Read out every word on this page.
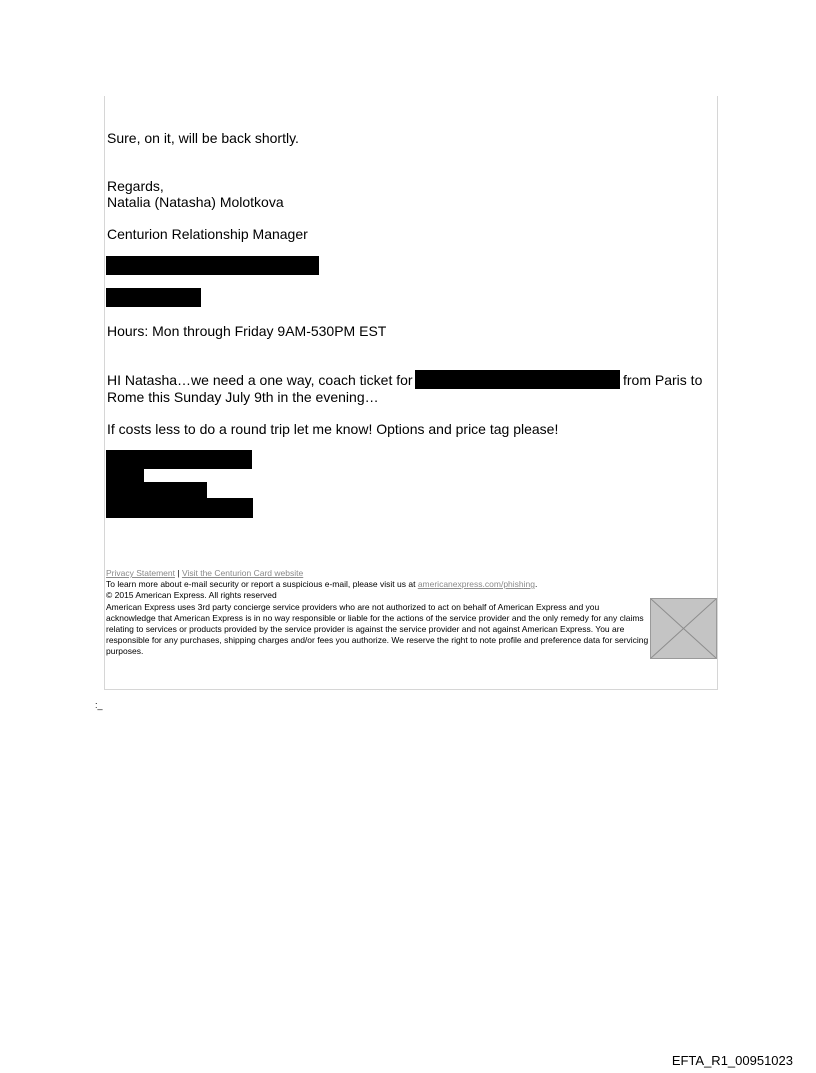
Sure, on it, will be back shortly.
Regards,
Natalia (Natasha) Molotkova
Centurion Relationship Manager
Hours: Mon through Friday 9AM-530PM EST
HI Natasha…we need a one way, coach ticket for	from Paris to
Rome this Sunday July 9th in the evening…
If costs less to do a round trip let me know! Options and price tag please!
Privacy Statement | Visit the Centurion Card website
To learn more about e-mail security or report a suspicious e-mail, please visit us at americanexpress.com/phishing.
© 2015 American Express. All rights reserved
American Express uses 3rd party concierge service providers who are not authorized to act on behalf of American Express and you acknowledge that American Express is in no way responsible or liable for the actions of the service provider and the only remedy for any claims relating to services or products provided by the service provider is against the service provider and not against American Express. You are responsible for any purchases, shipping charges and/or fees you authorize. We reserve the right to note profile and preference data for servicing purposes.
:_
EFTA_R1_00951023
